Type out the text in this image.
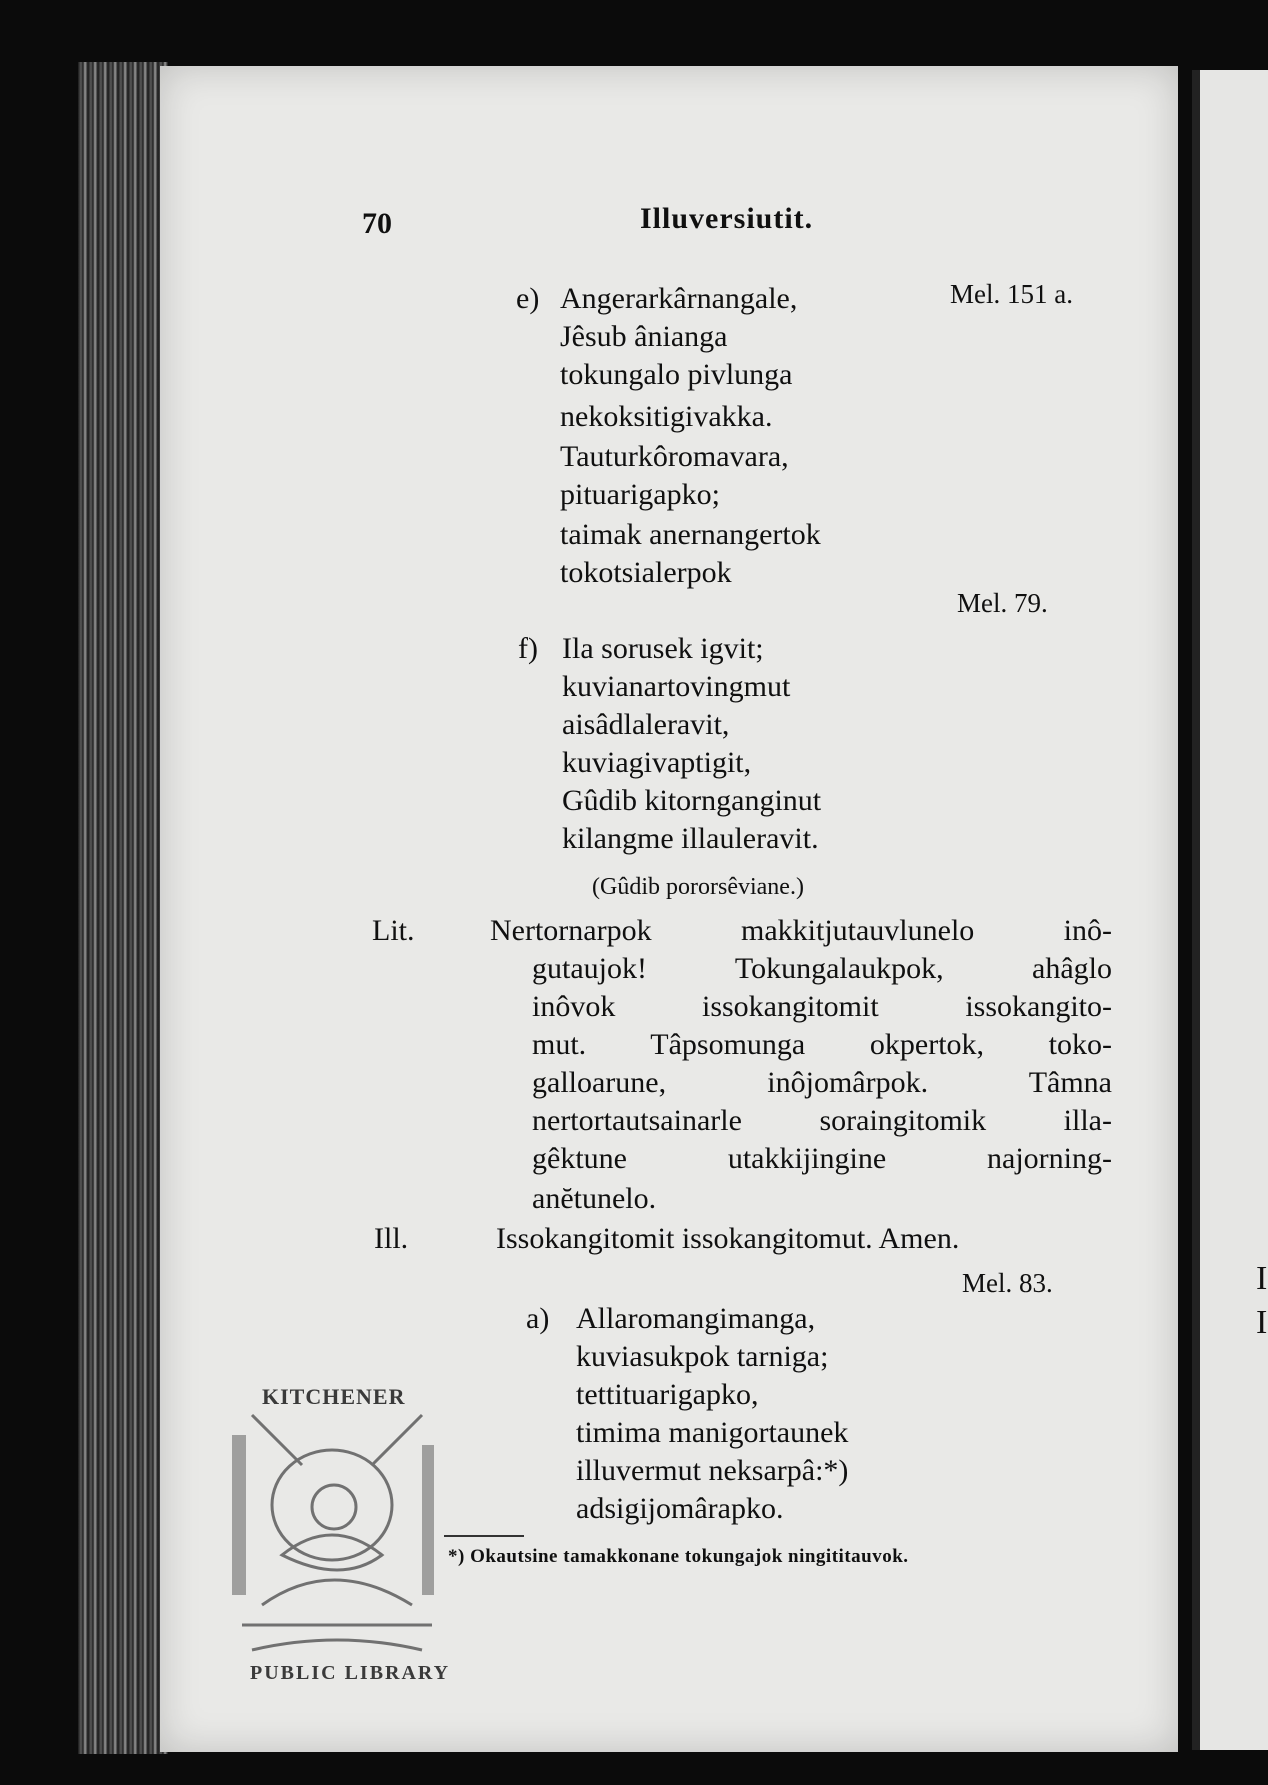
I
I
70	Illuversiutit.
e)	Mel. 151 a.
Angerarkârnangale,
Jêsub ânianga
tokungalo pivlunga
nekoksitigivakka.
Tauturkôromavara,
pituarigapko;
taimak anernangertok
tokotsialerpok
Mel. 79.
f) Ila sorusek igvit;
kuvianartovingmut
aisâdlaleravit,
kuviagivaptigit,
Gûdib kitornganginut
kilangme illauleravit.
(Gûdib pororsêviane.)
Lit.	Nertornarpok makkitjutauvlunelo inô-
gutaujok! Tokungalaukpok, ahâglo
inôvok issokangitomit issokangito-
mut. Tâpsomunga okpertok, toko-
galloarune, inôjomârpok. Tâmna
nertortautsainarle soraingitomik illa-
gêktune utakkijingine najorning-
anĕtunelo.
Ill.	Issokangitomit issokangitomut. Amen.
Mel. 83.
a) Allaromangimanga,
kuviasukpok tarniga;
tettituarigapko,
timima manigortaunek
illuvermut neksarpâ:*)
adsigijomârapko.
*) Okautsine tamakkonane tokungajok ningititauvok.
KITCHENER
PUBLIC LIBRARY
